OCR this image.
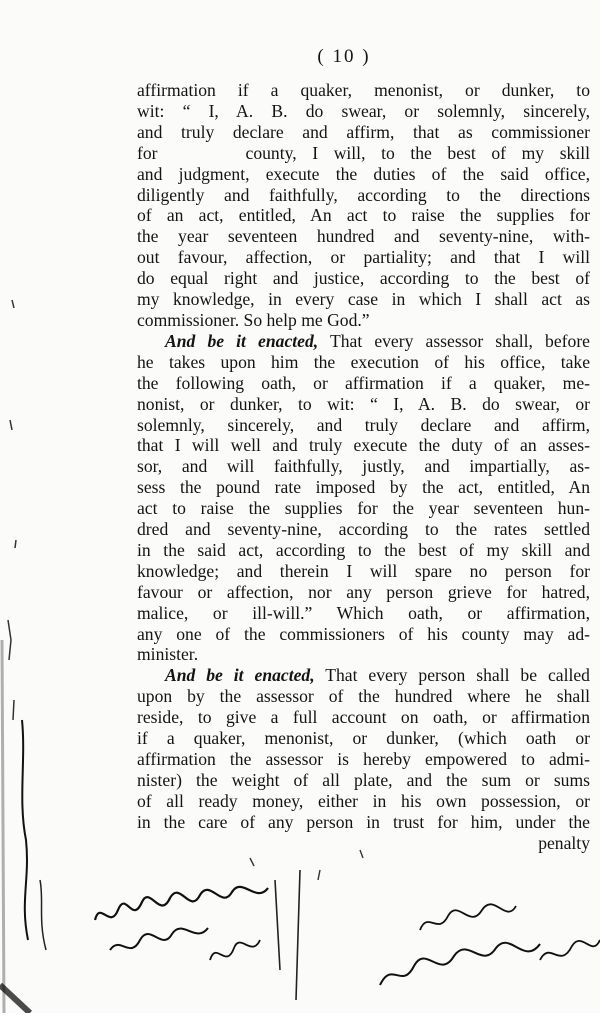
( 10 )
affirmation if a quaker, menonist, or dunker, to
wit: “ I, A. B. do swear, or solemnly, sincerely,
and truly declare and affirm, that as commissioner
for	county, I will, to the best of my skill
and judgment, execute the duties of the said office,
diligently and faithfully, according to the directions
of an act, entitled, An act to raise the supplies for
the year seventeen hundred and seventy-nine, with-
out favour, affection, or partiality; and that I will
do equal right and justice, according to the best of
my knowledge, in every case in which I shall act as
commissioner. So help me God.”
And be it enacted, That every assessor shall, before
he takes upon him the execution of his office, take
the following oath, or affirmation if a quaker, me-
nonist, or dunker, to wit: “ I, A. B. do swear, or
solemnly, sincerely, and truly declare and affirm,
that I will well and truly execute the duty of an asses-
sor, and will faithfully, justly, and impartially, as-
sess the pound rate imposed by the act, entitled, An
act to raise the supplies for the year seventeen hun-
dred and seventy-nine, according to the rates settled
in the said act, according to the best of my skill and
knowledge; and therein I will spare no person for
favour or affection, nor any person grieve for hatred,
malice, or ill-will.” Which oath, or affirmation,
any one of the commissioners of his county may ad-
minister.
And be it enacted, That every person shall be called
upon by the assessor of the hundred where he shall
reside, to give a full account on oath, or affirmation
if a quaker, menonist, or dunker, (which oath or
affirmation the assessor is hereby empowered to admi-
nister) the weight of all plate, and the sum or sums
of all ready money, either in his own possession, or
in the care of any person in trust for him, under the
penalty
